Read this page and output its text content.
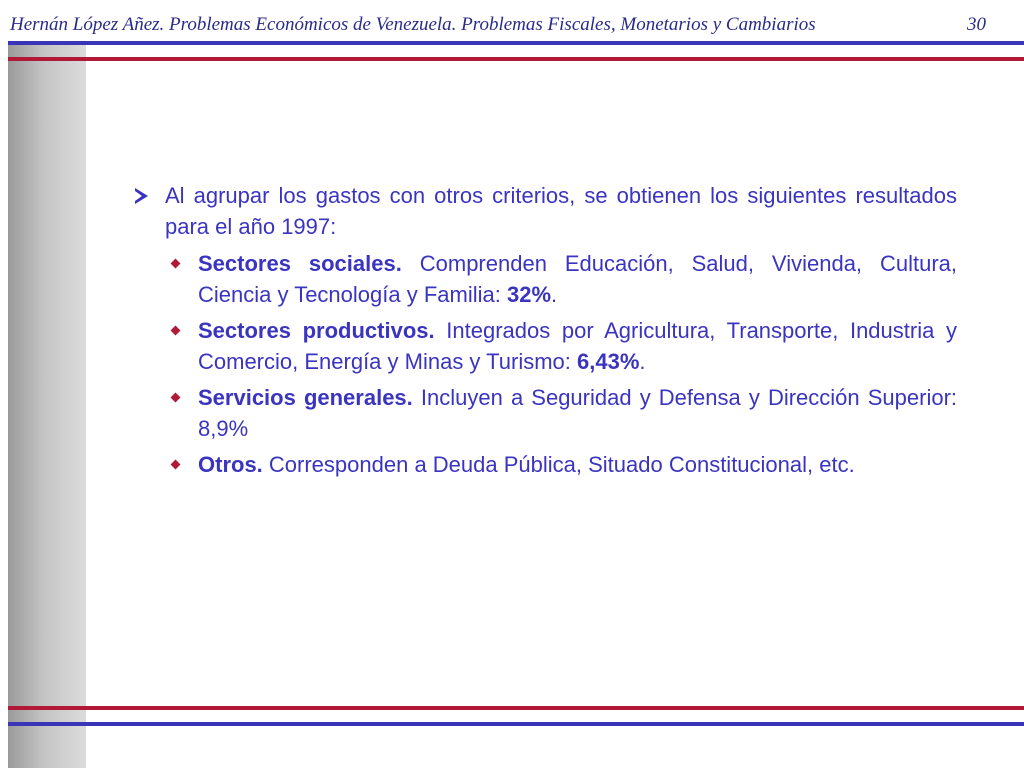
Hernán López Añez. Problemas Económicos de Venezuela. Problemas Fiscales, Monetarios y Cambiarios	30
Al agrupar los gastos con otros criterios, se obtienen los siguientes resultados para el año 1997:
Sectores sociales. Comprenden Educación, Salud, Vivienda, Cultura, Ciencia y Tecnología y Familia: 32%.
Sectores productivos. Integrados por Agricultura, Transporte, Industria y Comercio, Energía y Minas y Turismo: 6,43%.
Servicios generales. Incluyen a Seguridad y Defensa y Dirección Superior: 8,9%
Otros. Corresponden a Deuda Pública, Situado Constitucional, etc.
